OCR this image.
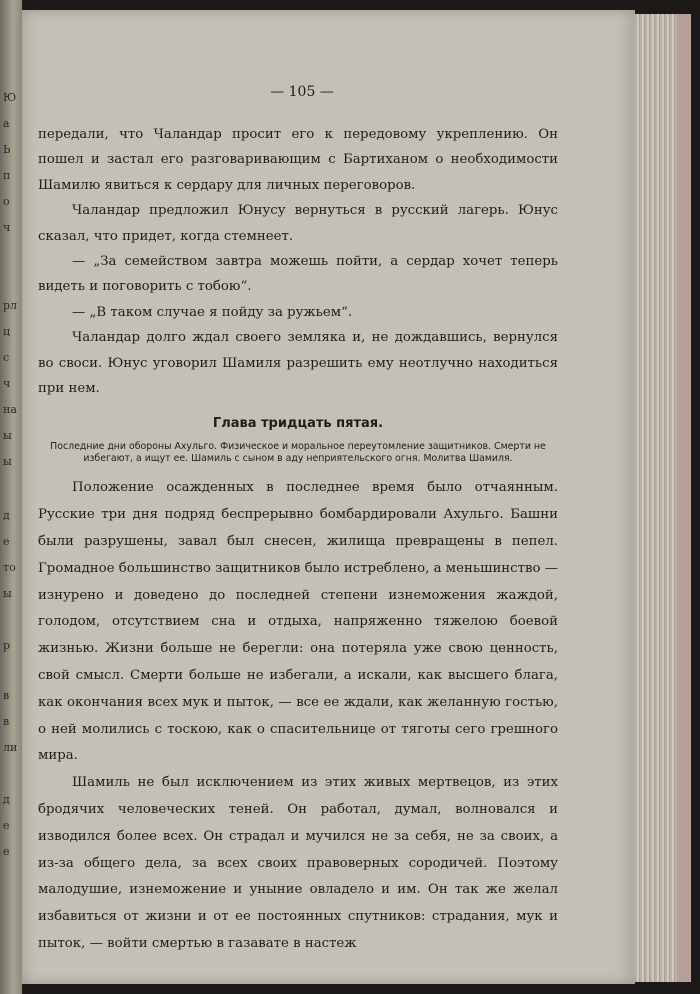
Ю
а
Ь
п
о
ч
рл
ц
с
ч
на
ы
ы
д
е
то
ы
р
в
в
ли
д
е
е
— 105 —

передали, что Чаландар просит его к передовому укреплению. Он пошел и застал его разговаривающим с Бартиханом о необходимости Шамилю явиться к сердару для личных переговоров.

Чаландар предложил Юнусу вернуться в русский лагерь. Юнус сказал, что придет, когда стемнеет.

— „За семейством завтра можешь пойти, а сердар хочет теперь видеть и поговорить с тобою“.

— „В таком случае я пойду за ружьем“.

Чаландар долго ждал своего земляка и, не дождавшись, вернулся во своси. Юнус уговорил Шамиля разрешить ему неотлучно находиться при нем.

Глава тридцать пятая.
Последние дни обороны Ахульго. Физическое и моральное переутомление защитников. Смерти не избегают, а ищут ее. Шамиль с сыном в аду неприятельского огня. Молитва Шамиля.

Положение осажденных в последнее время было отчаянным. Русские три дня подряд беспрерывно бомбардировали Ахульго. Башни были разрушены, завал был снесен, жилища превращены в пепел. Громадное большинство защитников было истреблено, а меньшинство — изнурено и доведено до последней степени изнеможения жаждой, голодом, отсутствием сна и отдыха, напряженно тяжелою боевой жизнью. Жизни больше не берегли: она потеряла уже свою ценность, свой смысл. Смерти больше не избегали, а искали, как высшего блага, как окончания всех мук и пыток, — все ее ждали, как желанную гостью, о ней молились с тоскою, как о спасительнице от тяготы сего грешного мира.

Шамиль не был исключением из этих живых мертвецов, из этих бродячих человеческих теней. Он работал, думал, волновался и изводился более всех. Он страдал и мучился не за себя, не за своих, а из-за общего дела, за всех своих правоверных сородичей. Поэтому малодушие, изнеможение и уныние овладело и им. Он так же желал избавиться от жизни и от ее постоянных спутников: страдания, мук и пыток, — войти смертью в газавате в настеж
